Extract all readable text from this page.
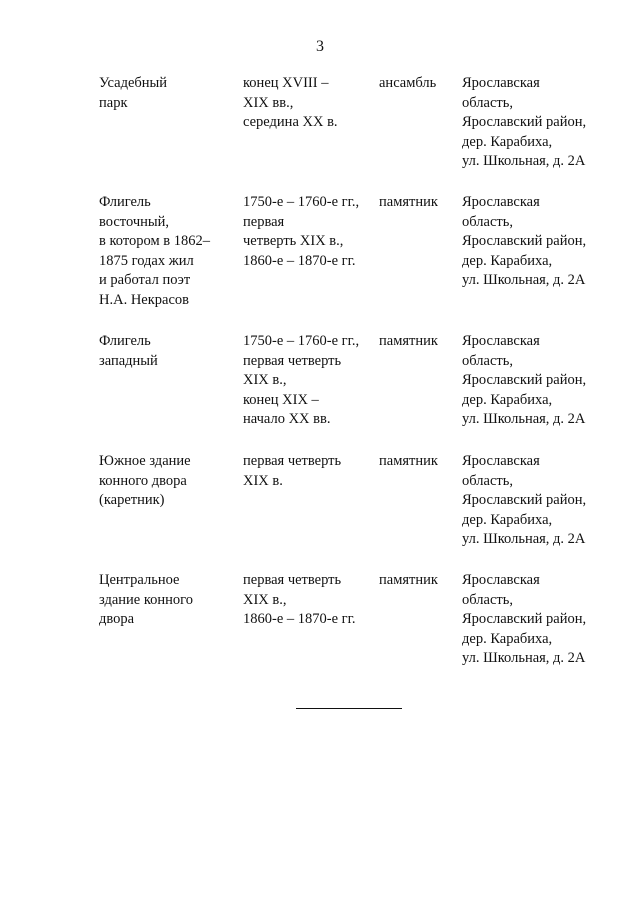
3
Усадебный
парк
конец XVIII –
XIX вв.,
середина XX в.
ансамбль Ярославская
область,
Ярославский район,
дер. Карабиха,
ул. Школьная, д. 2А
Флигель
восточный,
в котором в 1862–
1875 годах жил
и работал поэт
Н.А. Некрасов
1750-е – 1760-е гг.,
первая
четверть XIX в.,
1860-е – 1870-е гг.
памятник Ярославская
область,
Ярославский район,
дер. Карабиха,
ул. Школьная, д. 2А
Флигель
западный
1750-е – 1760-е гг.,
первая четверть
XIX в.,
конец XIX –
начало XX вв.
памятник Ярославская
область,
Ярославский район,
дер. Карабиха,
ул. Школьная, д. 2А
Южное здание
конного двора
(каретник)
первая четверть
XIX в.
памятник Ярославская
область,
Ярославский район,
дер. Карабиха,
ул. Школьная, д. 2А
Центральное
здание конного
двора
первая четверть
XIX в.,
1860-е – 1870-е гг.
памятник Ярославская
область,
Ярославский район,
дер. Карабиха,
ул. Школьная, д. 2А
